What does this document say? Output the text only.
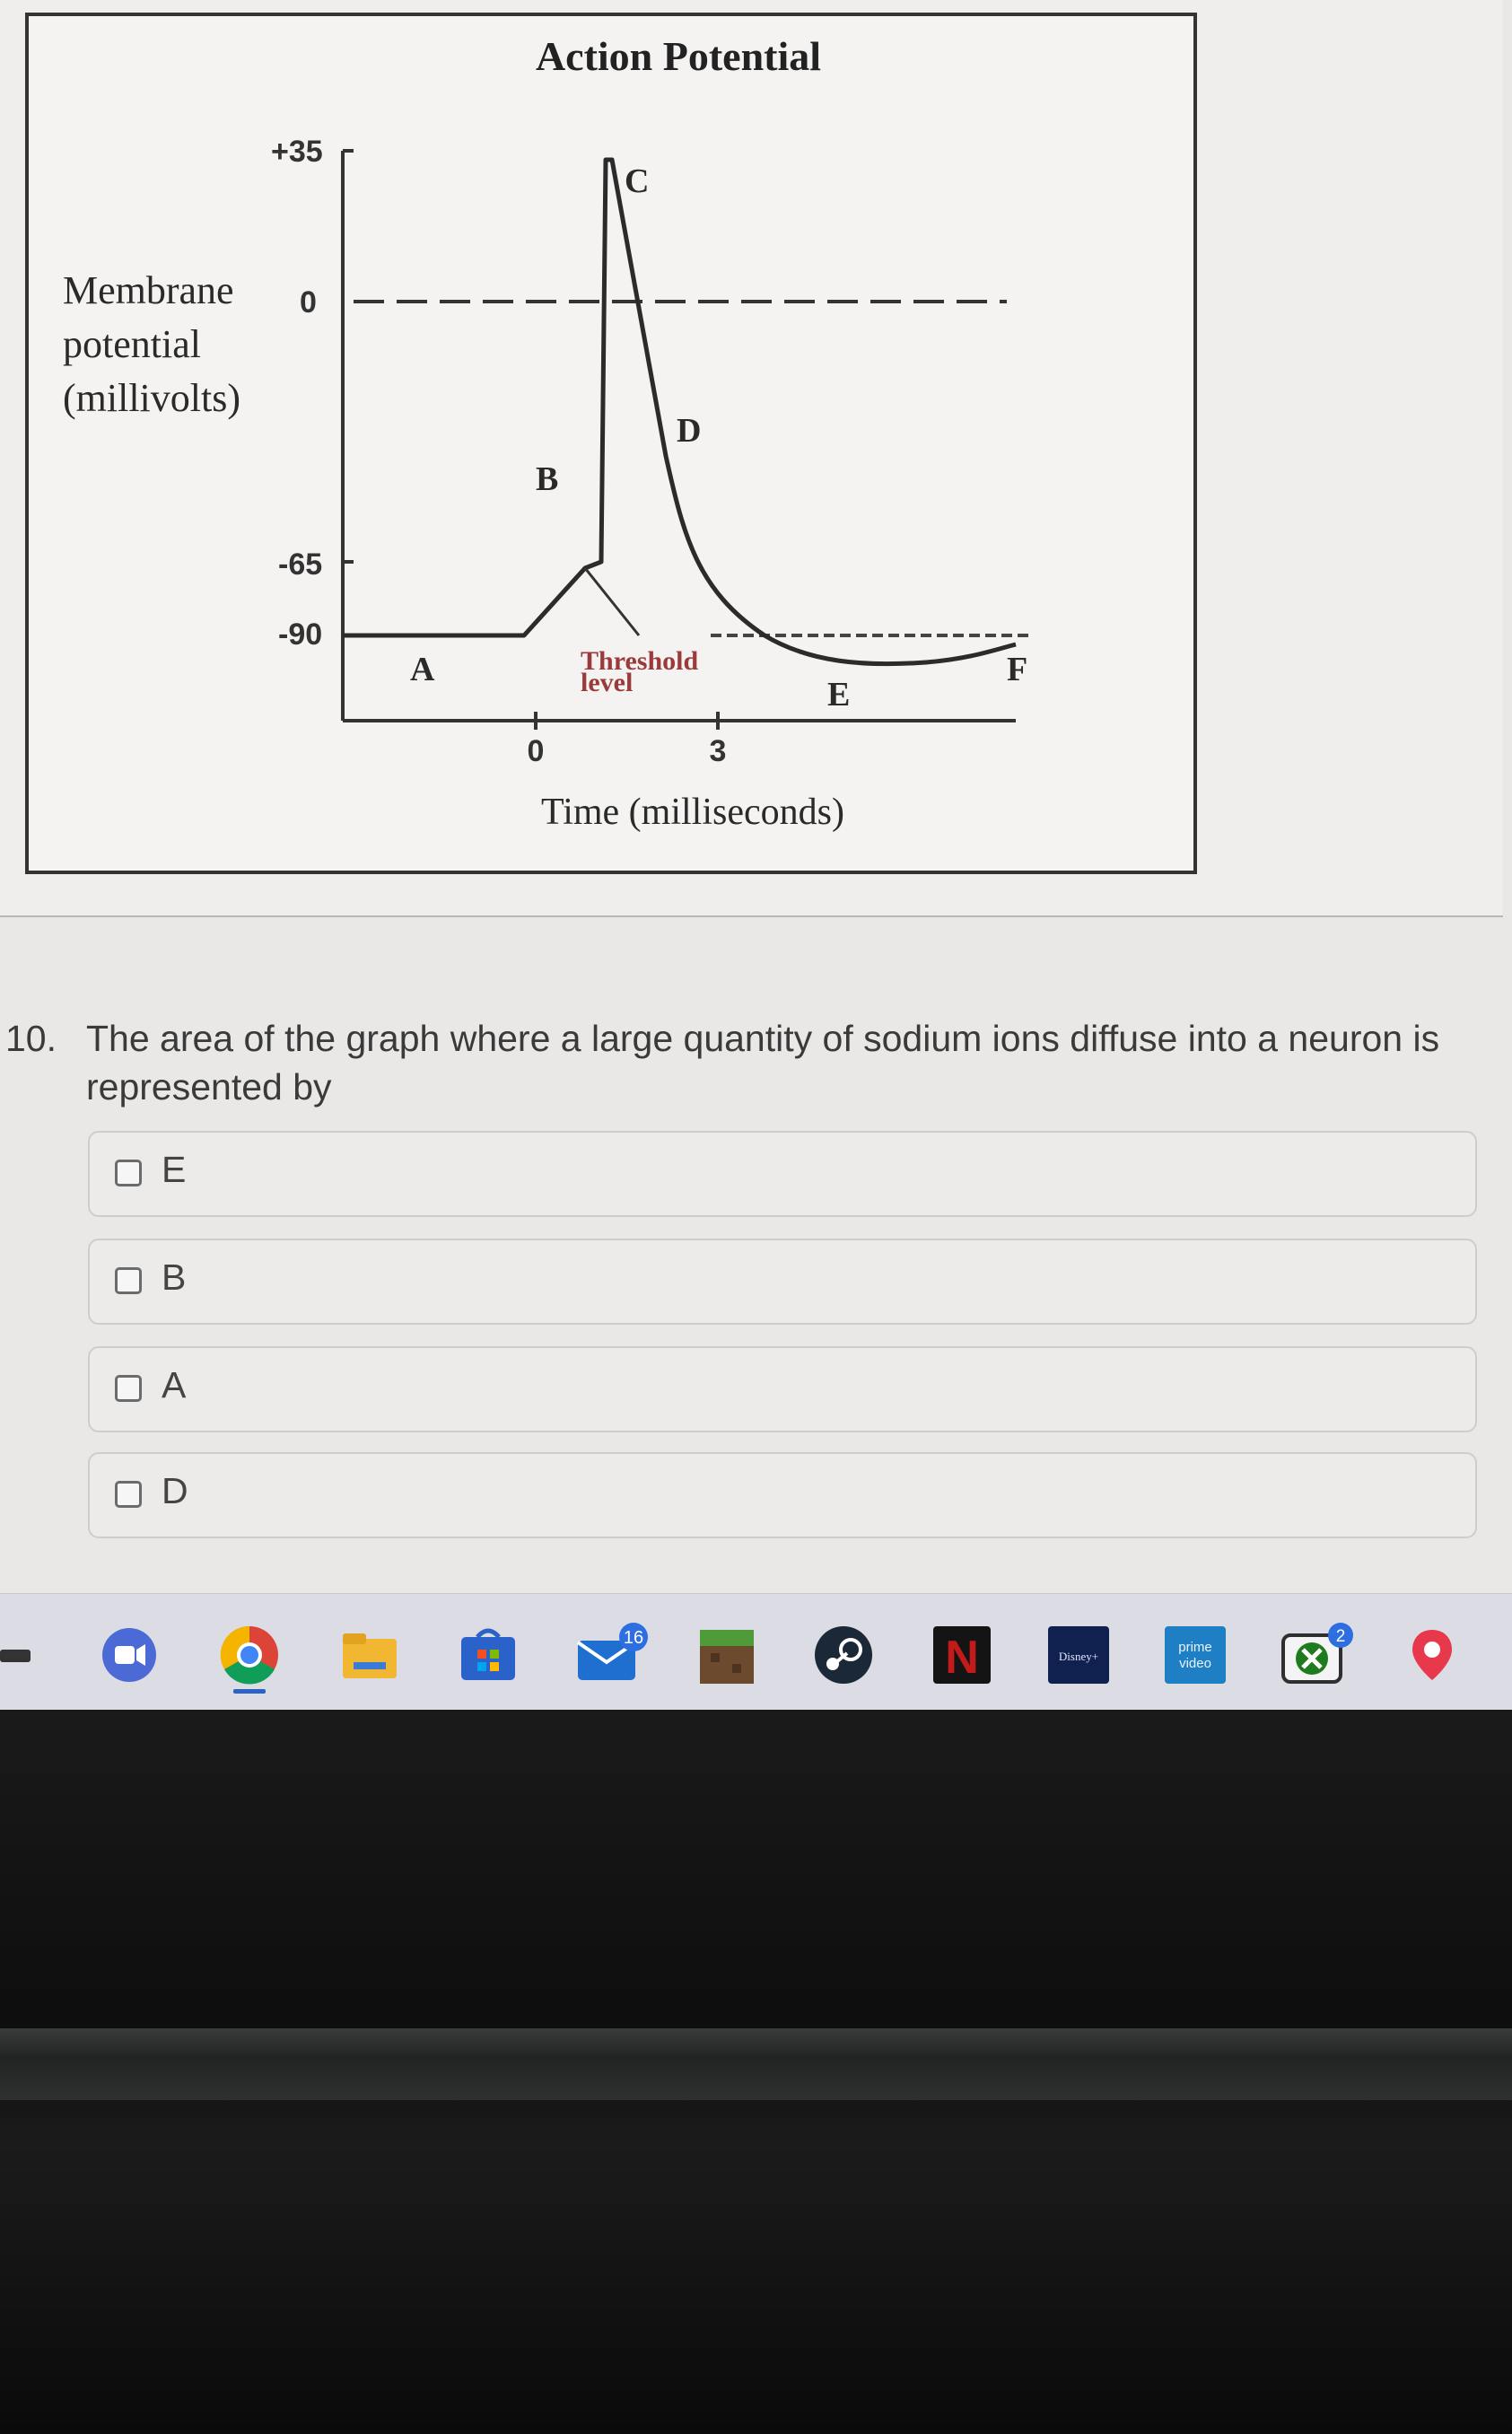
Action Potential
Membrane
potential
(millivolts)
+35
0
-65
-90
0	3
Time (milliseconds)
A
B
C
D
E
F
Threshold
level
10. The area of the graph where a large quantity of sodium ions diffuse into a neuron is represented by
E
B
A
D
16	N	Disney+
prime
video
2
